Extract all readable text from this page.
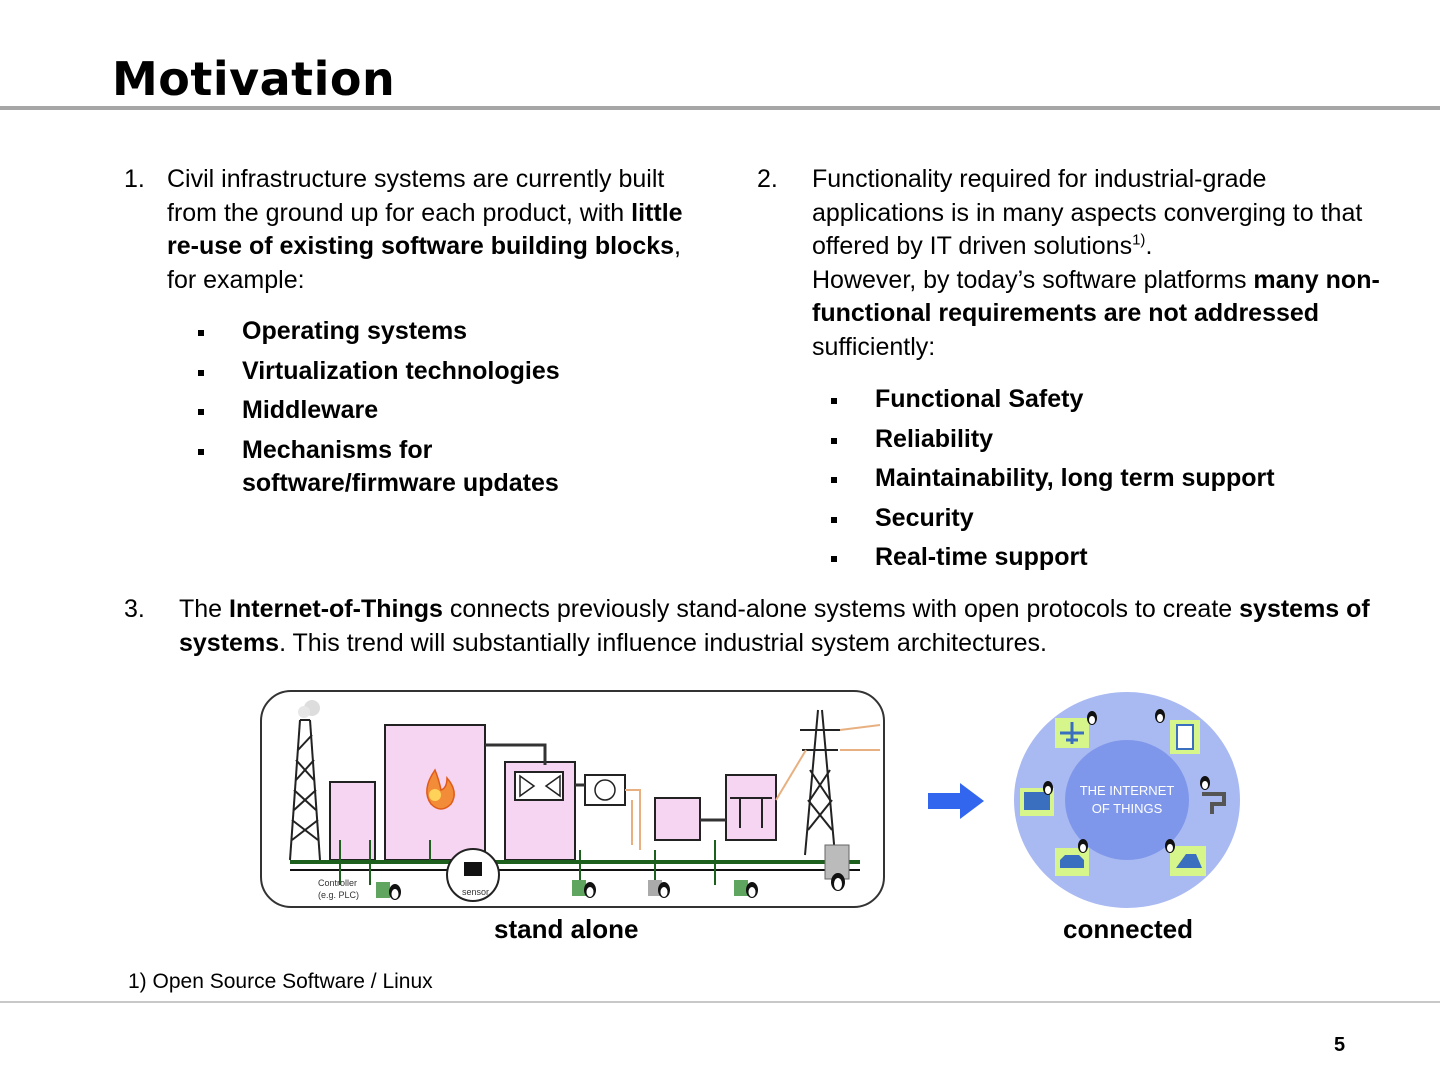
Motivation
1. Civil infrastructure systems are currently built from the ground up for each product, with little re-use of existing software building blocks, for example:
Operating systems
Virtualization technologies
Middleware
Mechanisms for software/firmware updates
2. Functionality required for industrial-grade applications is in many aspects converging to that offered by IT driven solutions$^{1)}$.
However, by today’s software platforms many non-functional requirements are not addressed sufficiently:
Functional Safety
Reliability
Maintainability, long term support
Security
Real-time support
3. The Internet-of-Things connects previously stand-alone systems with open protocols to create systems of systems. This trend will substantially influence industrial system architectures.
sensor
Controller
(e.g. PLC)
stand alone
THE INTERNET
OF THINGS
connected
1) Open Source Software / Linux
5
